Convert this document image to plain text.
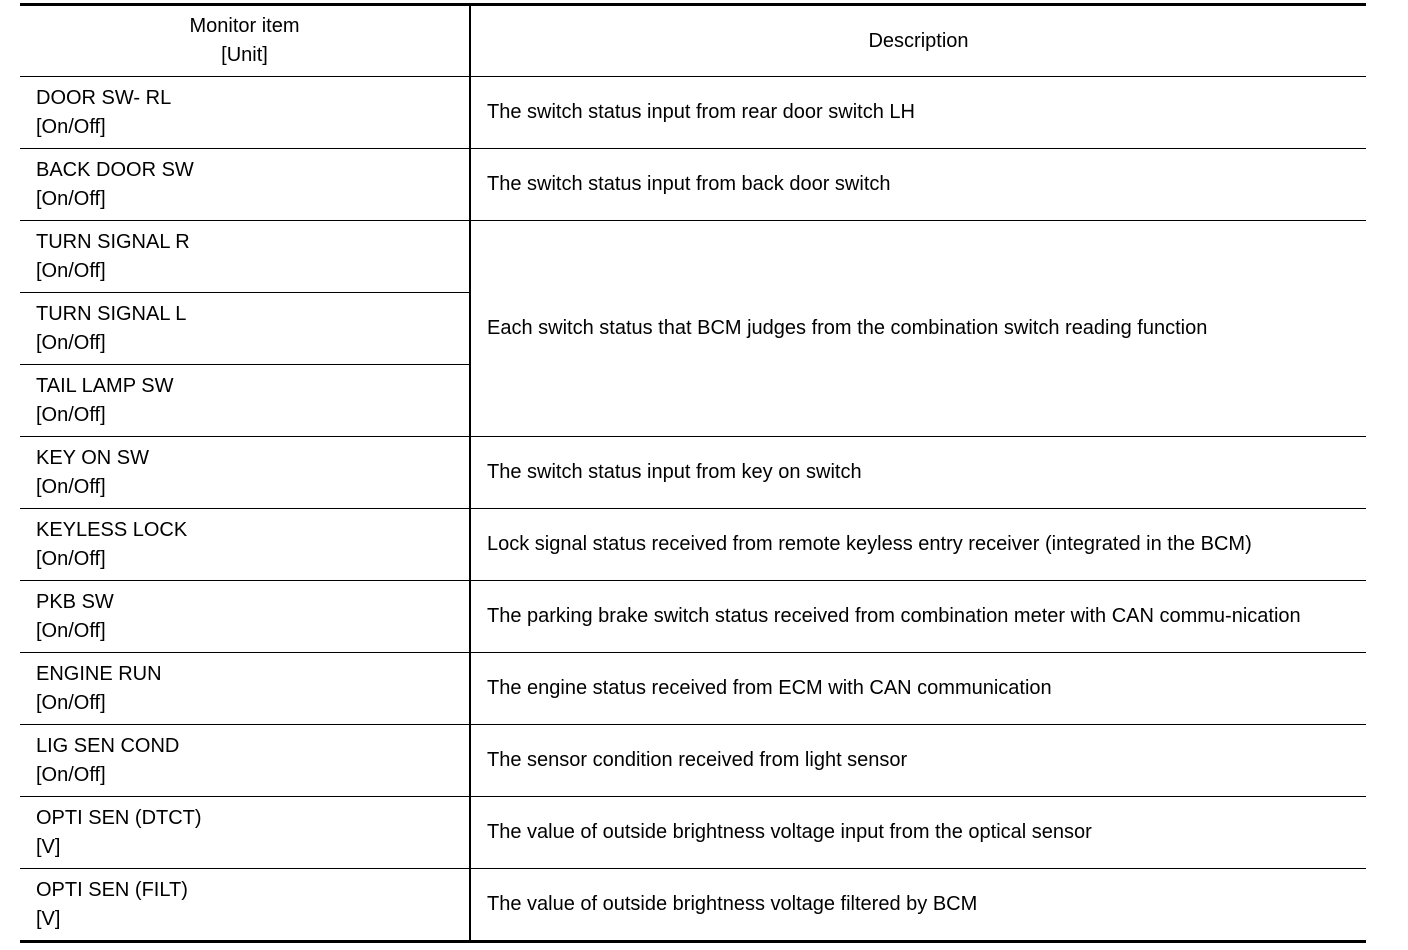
Monitor item
[Unit]
Description
DOOR SW- RL
[On/Off]
The switch status input from rear door switch LH
BACK DOOR SW
[On/Off]
The switch status input from back door switch
TURN SIGNAL R
[On/Off]
Each switch status that BCM judges from the combination switch reading function
TURN SIGNAL L
[On/Off]
TAIL LAMP SW
[On/Off]
KEY ON SW
[On/Off]
The switch status input from key on switch
KEYLESS LOCK
[On/Off]
Lock signal status received from remote keyless entry receiver (integrated in the BCM)
PKB SW
[On/Off]
The parking brake switch status received from combination meter with CAN commu-nication
ENGINE RUN
[On/Off]
The engine status received from ECM with CAN communication
LIG SEN COND
[On/Off]
The sensor condition received from light sensor
OPTI SEN (DTCT)
[V]
The value of outside brightness voltage input from the optical sensor
OPTI SEN (FILT)
[V]
The value of outside brightness voltage filtered by BCM
